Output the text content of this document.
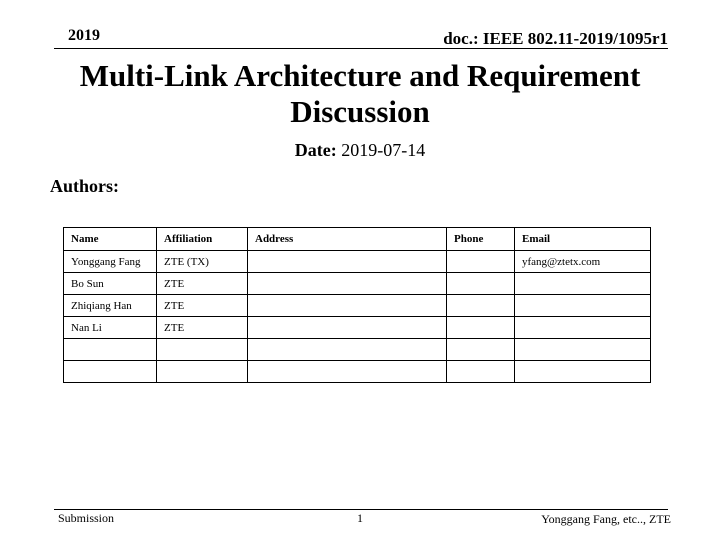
2019	doc.: IEEE 802.11-2019/1095r1
Multi-Link Architecture and Requirement Discussion
Date: 2019-07-14
Authors:
Name	Affiliation	Address	Phone	Email
Yonggang Fang	ZTE (TX)			yfang@ztetx.com
Bo Sun	ZTE			
Zhiqiang Han	ZTE			
Nan Li	ZTE			

Submission	1	Yonggang Fang, etc.., ZTE
